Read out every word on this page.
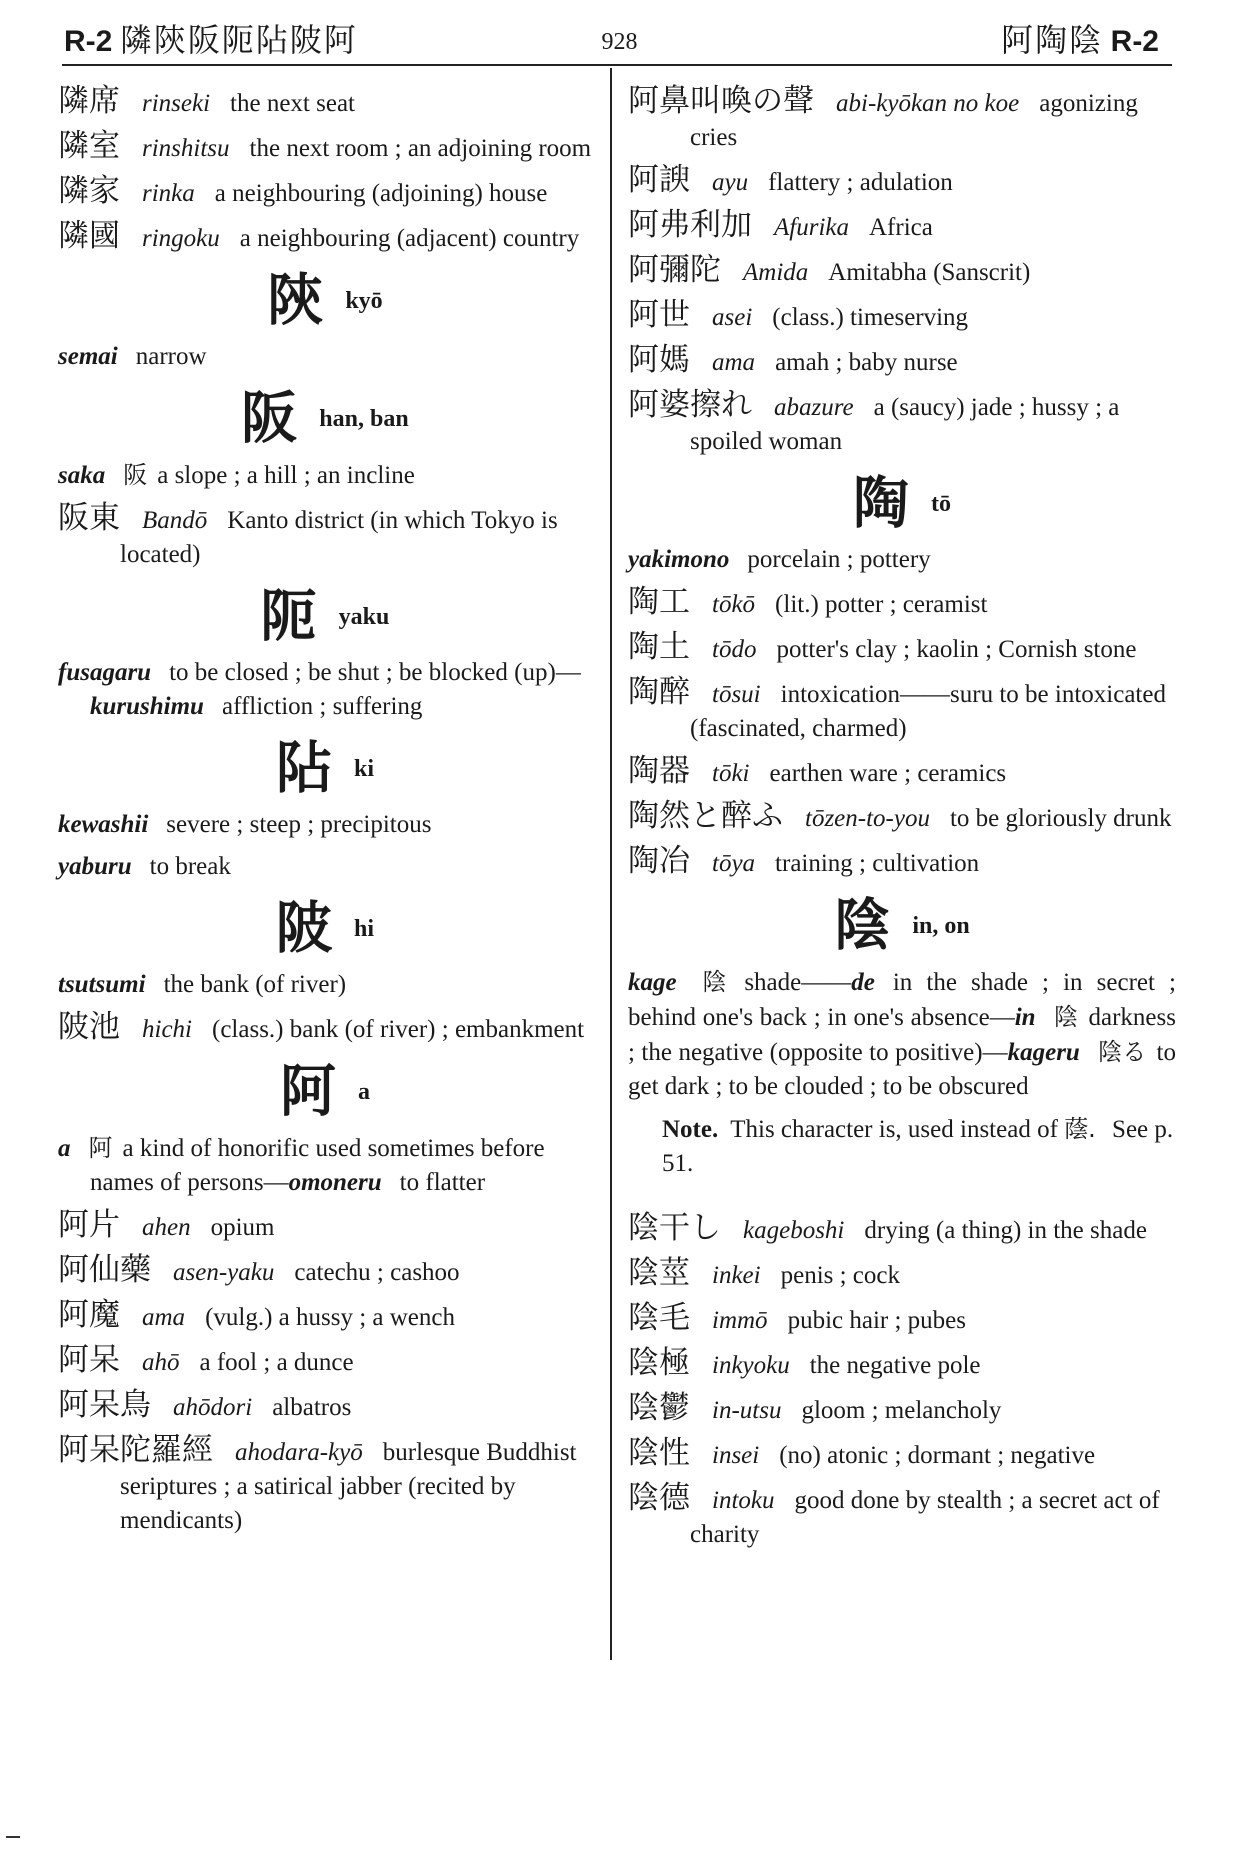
R-2 隣陝阪阨阽陂阿	928	阿陶陰 R-2
隣席 rinseki the next seat
隣室 rinshitsu the next room ; an adjoining room
隣家 rinka a neighbouring (adjoining) house
隣國 ringoku a neighbouring (adjacent) country
陝kyō
semai narrow
阪han, ban
saka 阪 a slope ; a hill ; an incline
阪東 Bandō Kanto district (in which Tokyo is located)
阨yaku
fusagaru to be closed ; be shut ; be blocked (up)—kurushimu affliction ; suffering
阽ki
kewashii severe ; steep ; precipitous
yaburu to break
陂hi
tsutsumi the bank (of river)
陂池 hichi (class.) bank (of river) ; embankment
阿a
a 阿 a kind of honorific used sometimes before names of persons—omoneru to flatter
阿片 ahen opium
阿仙藥 asen-yaku catechu ; cashoo
阿魔 ama (vulg.) a hussy ; a wench
阿呆 ahō a fool ; a dunce
阿呆鳥 ahōdori albatros
阿呆陀羅經 ahodara-kyō burlesque Buddhist seriptures ; a satirical jabber (recited by mendicants)
阿鼻叫喚の聲 abi-kyōkan no koe agonizing cries
阿諛 ayu flattery ; adulation
阿弗利加 Afurika Africa
阿彌陀 Amida Amitabha (Sanscrit)
阿世 asei (class.) timeserving
阿媽 ama amah ; baby nurse
阿婆擦れ abazure a (saucy) jade ; hussy ; a spoiled woman
陶tō
yakimono porcelain ; pottery
陶工 tōkō (lit.) potter ; ceramist
陶土 tōdo potter's clay ; kaolin ; Cornish stone
陶醉 tōsui intoxication——suru to be intoxicated (fascinated, charmed)
陶器 tōki earthen ware ; ceramics
陶然と醉ふ tōzen-to-you to be gloriously drunk
陶冶 tōya training ; cultivation
陰in, on
kage 陰 shade——de in the shade ; in secret ; behind one's back ; in one's absence—in 陰 darkness ; the negative (opposite to positive)—kageru 陰る to get dark ; to be clouded ; to be obscured
Note. This character is, used instead of 蔭. See p. 51.
陰干し kageboshi drying (a thing) in the shade
陰莖 inkei penis ; cock
陰毛 immō pubic hair ; pubes
陰極 inkyoku the negative pole
陰鬱 in-utsu gloom ; melancholy
陰性 insei (no) atonic ; dormant ; negative
陰德 intoku good done by stealth ; a secret act of charity
